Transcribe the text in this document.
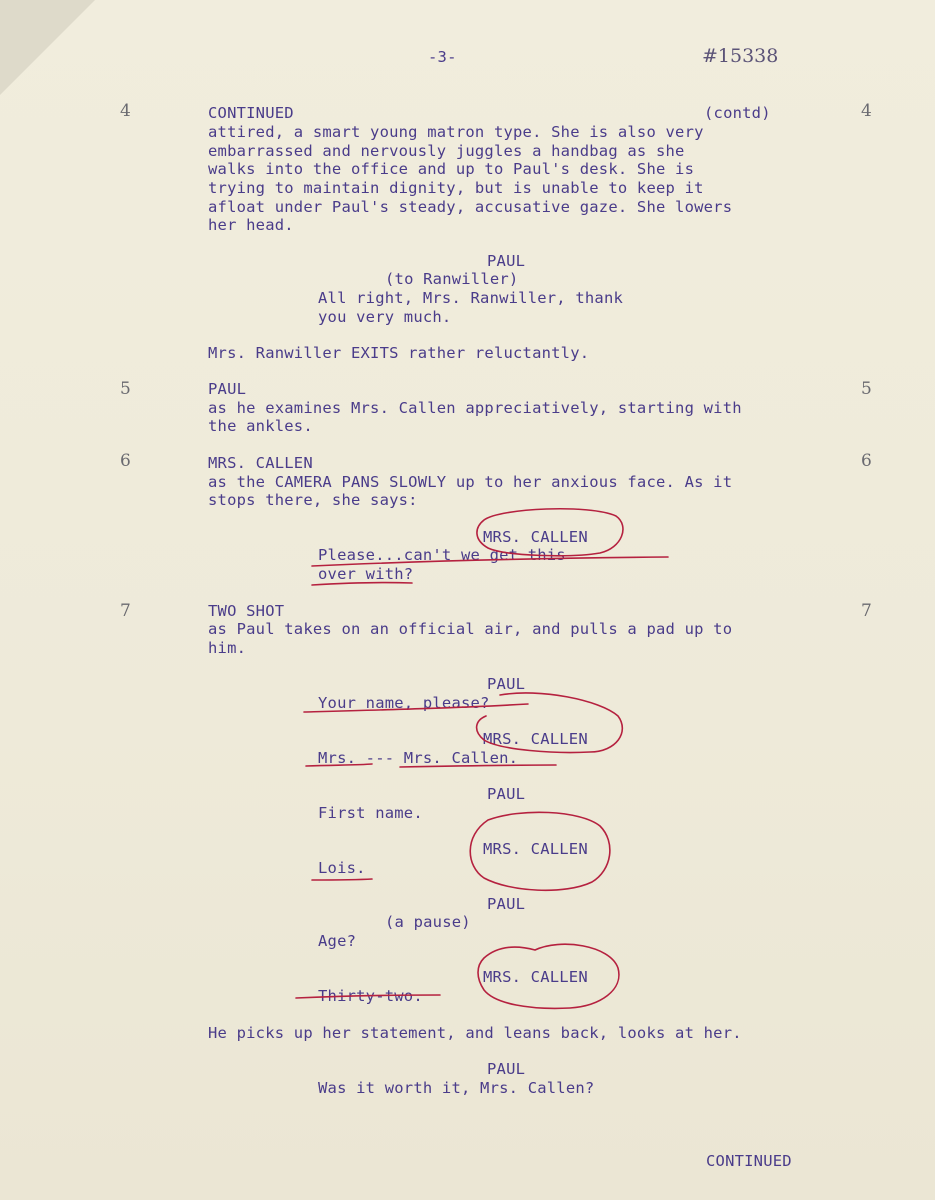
-3-	#15338
4	4
5	5
6	6
7	7
CONTINUED	(contd)
attired, a smart young matron type. She is also very
embarrassed and nervously juggles a handbag as she
walks into the office and up to Paul's desk. She is
trying to maintain dignity, but is unable to keep it
afloat under Paul's steady, accusative gaze. She lowers
her head.
PAUL
(to Ranwiller)
All right, Mrs. Ranwiller, thank
you very much.
Mrs. Ranwiller EXITS rather reluctantly.
PAUL
as he examines Mrs. Callen appreciatively, starting with
the ankles.
MRS. CALLEN
as the CAMERA PANS SLOWLY up to her anxious face. As it
stops there, she says:
MRS. CALLEN
Please...can't we get this
over with?
TWO SHOT
as Paul takes on an official air, and pulls a pad up to
him.
PAUL
Your name, please?
MRS. CALLEN
Mrs. --- Mrs. Callen.
PAUL
First name.
MRS. CALLEN
Lois.
PAUL
(a pause)
Age?
MRS. CALLEN
Thirty-two.
He picks up her statement, and leans back, looks at her.
PAUL
Was it worth it, Mrs. Callen?
CONTINUED
